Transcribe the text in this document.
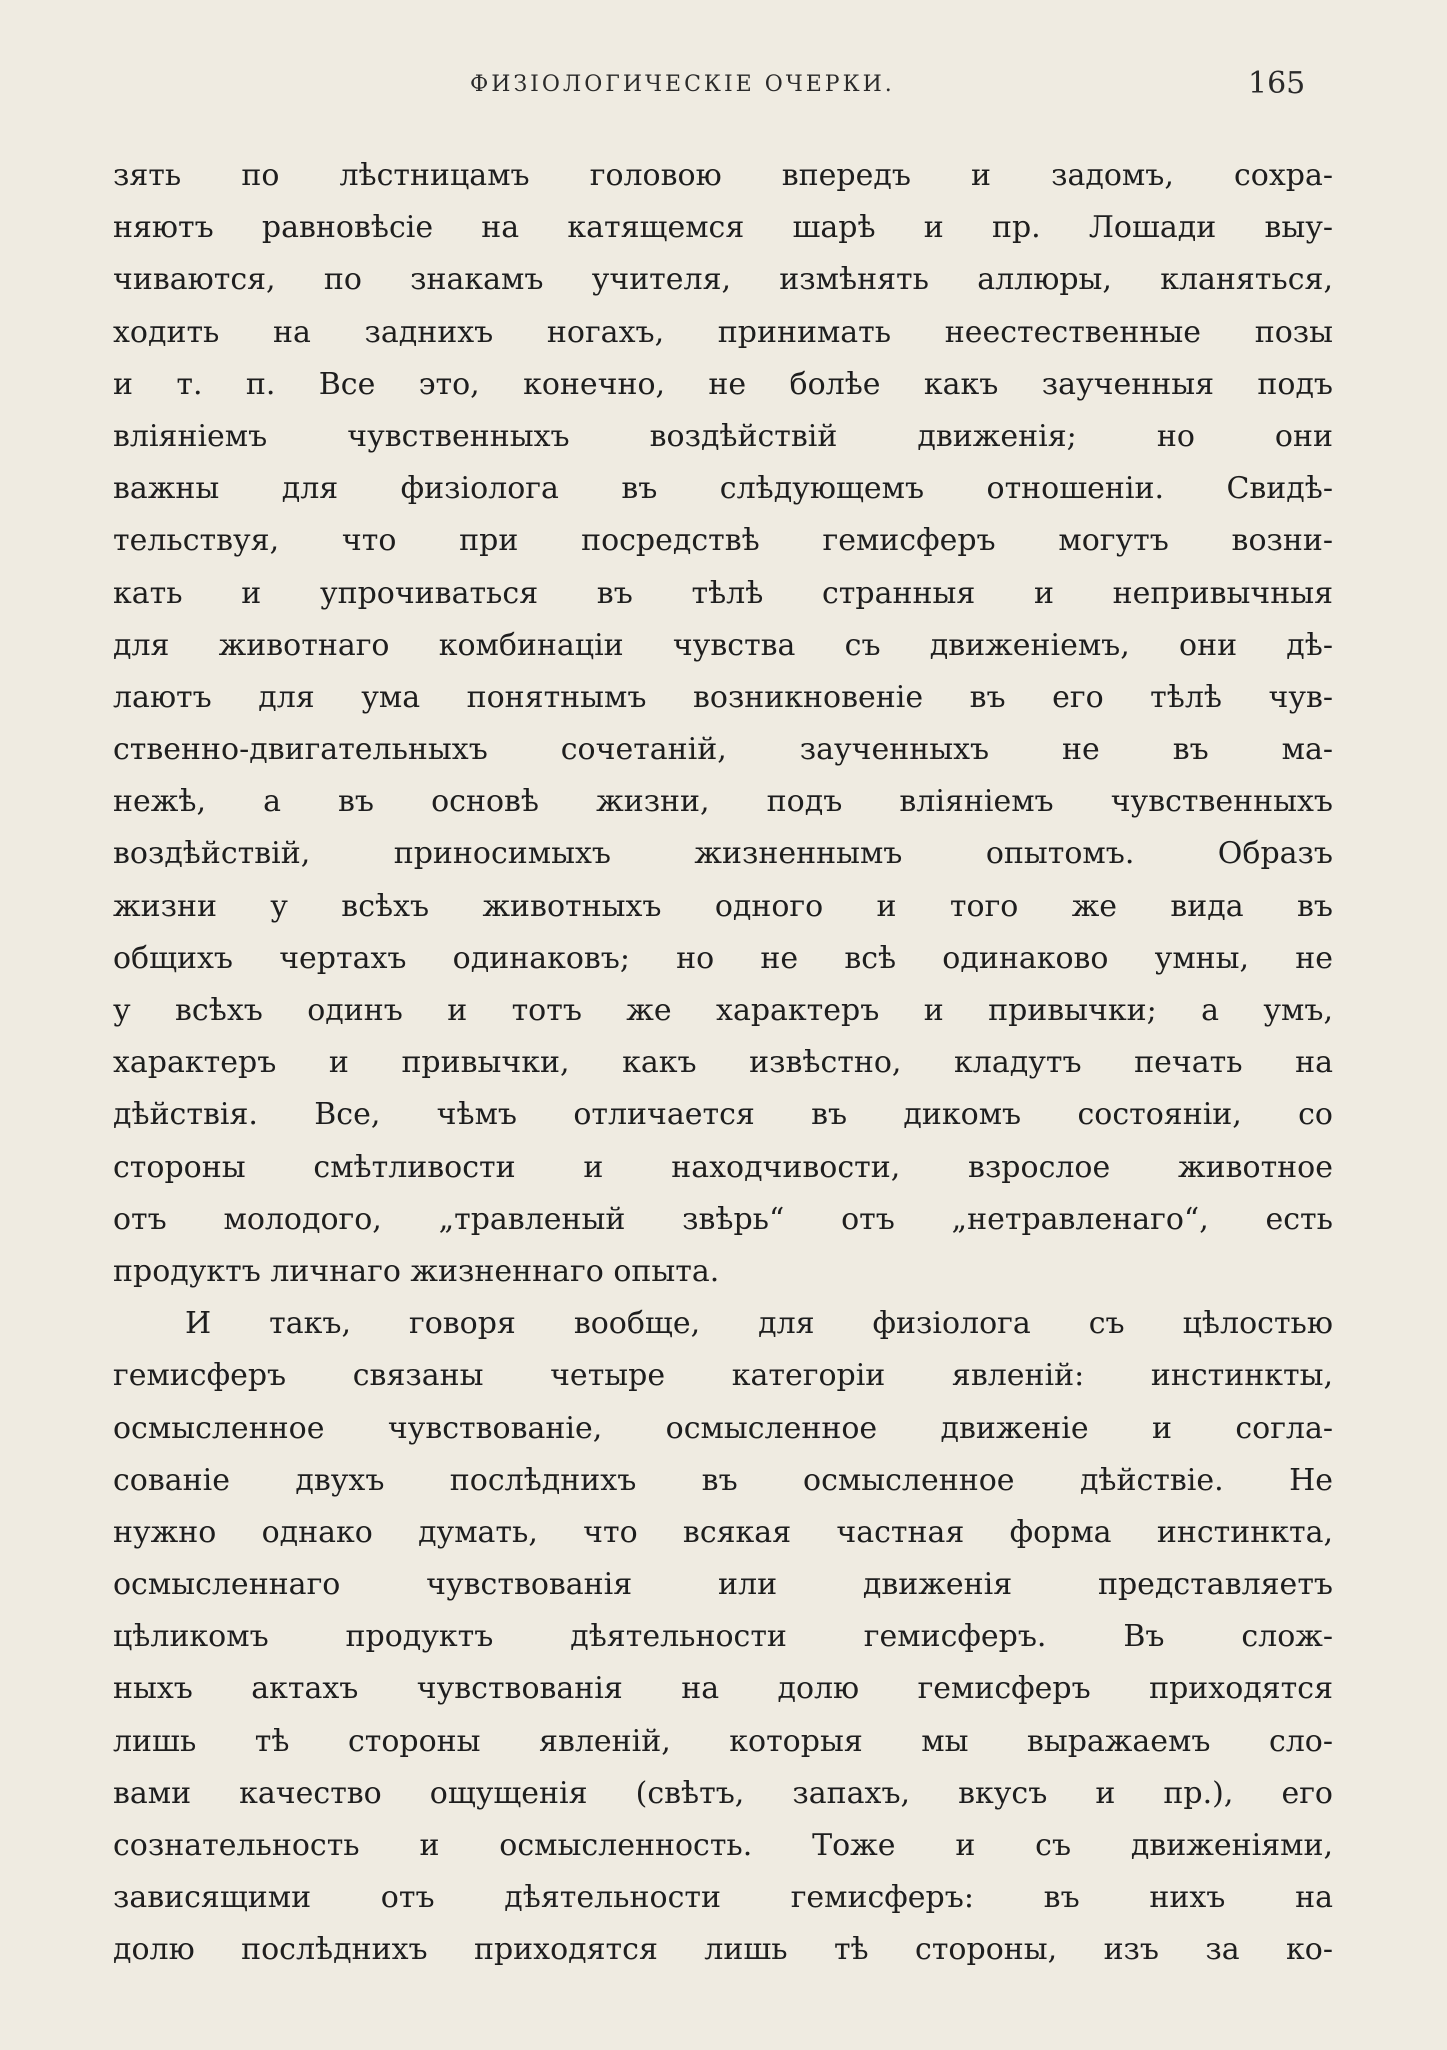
ФИЗІОЛОГИЧЕСКІЕ ОЧЕРКИ.	165
зять по лѣстницамъ головою впередъ и задомъ, сохра-
няютъ равновѣсіе на катящемся шарѣ и пр. Лошади выу-
чиваются, по знакамъ учителя, измѣнять аллюры, кланяться,
ходить на заднихъ ногахъ, принимать неестественные позы
и т. п. Все это, конечно, не болѣе какъ заученныя подъ
вліяніемъ чувственныхъ воздѣйствій движенія; но они
важны для физіолога въ слѣдующемъ отношеніи. Свидѣ-
тельствуя, что при посредствѣ гемисферъ могутъ возни-
кать и упрочиваться въ тѣлѣ странныя и непривычныя
для животнаго комбинаціи чувства съ движеніемъ, они дѣ-
лаютъ для ума понятнымъ возникновеніе въ его тѣлѣ чув-
ственно-двигательныхъ сочетаній, заученныхъ не въ ма-
нежѣ, а въ основѣ жизни, подъ вліяніемъ чувственныхъ
воздѣйствій, приносимыхъ жизненнымъ опытомъ. Образъ
жизни у всѣхъ животныхъ одного и того же вида въ
общихъ чертахъ одинаковъ; но не всѣ одинаково умны, не
у всѣхъ одинъ и тотъ же характеръ и привычки; а умъ,
характеръ и привычки, какъ извѣстно, кладутъ печать на
дѣйствія. Все, чѣмъ отличается въ дикомъ состояніи, со
стороны смѣтливости и находчивости, взрослое животное
отъ молодого, „травленый звѣрь“ отъ „нетравленаго“, есть
продуктъ личнаго жизненнаго опыта.
И такъ, говоря вообще, для физіолога съ цѣлостью
гемисферъ связаны четыре категоріи явленій: инстинкты,
осмысленное чувствованіе, осмысленное движеніе и согла-
сованіе двухъ послѣднихъ въ осмысленное дѣйствіе. Не
нужно однако думать, что всякая частная форма инстинкта,
осмысленнаго чувствованія или движенія представляетъ
цѣликомъ продуктъ дѣятельности гемисферъ. Въ слож-
ныхъ актахъ чувствованія на долю гемисферъ приходятся
лишь тѣ стороны явленій, которыя мы выражаемъ сло-
вами качество ощущенія (свѣтъ, запахъ, вкусъ и пр.), его
сознательность и осмысленность. Тоже и съ движеніями,
зависящими отъ дѣятельности гемисферъ: въ нихъ на
долю послѣднихъ приходятся лишь тѣ стороны, изъ за ко-
